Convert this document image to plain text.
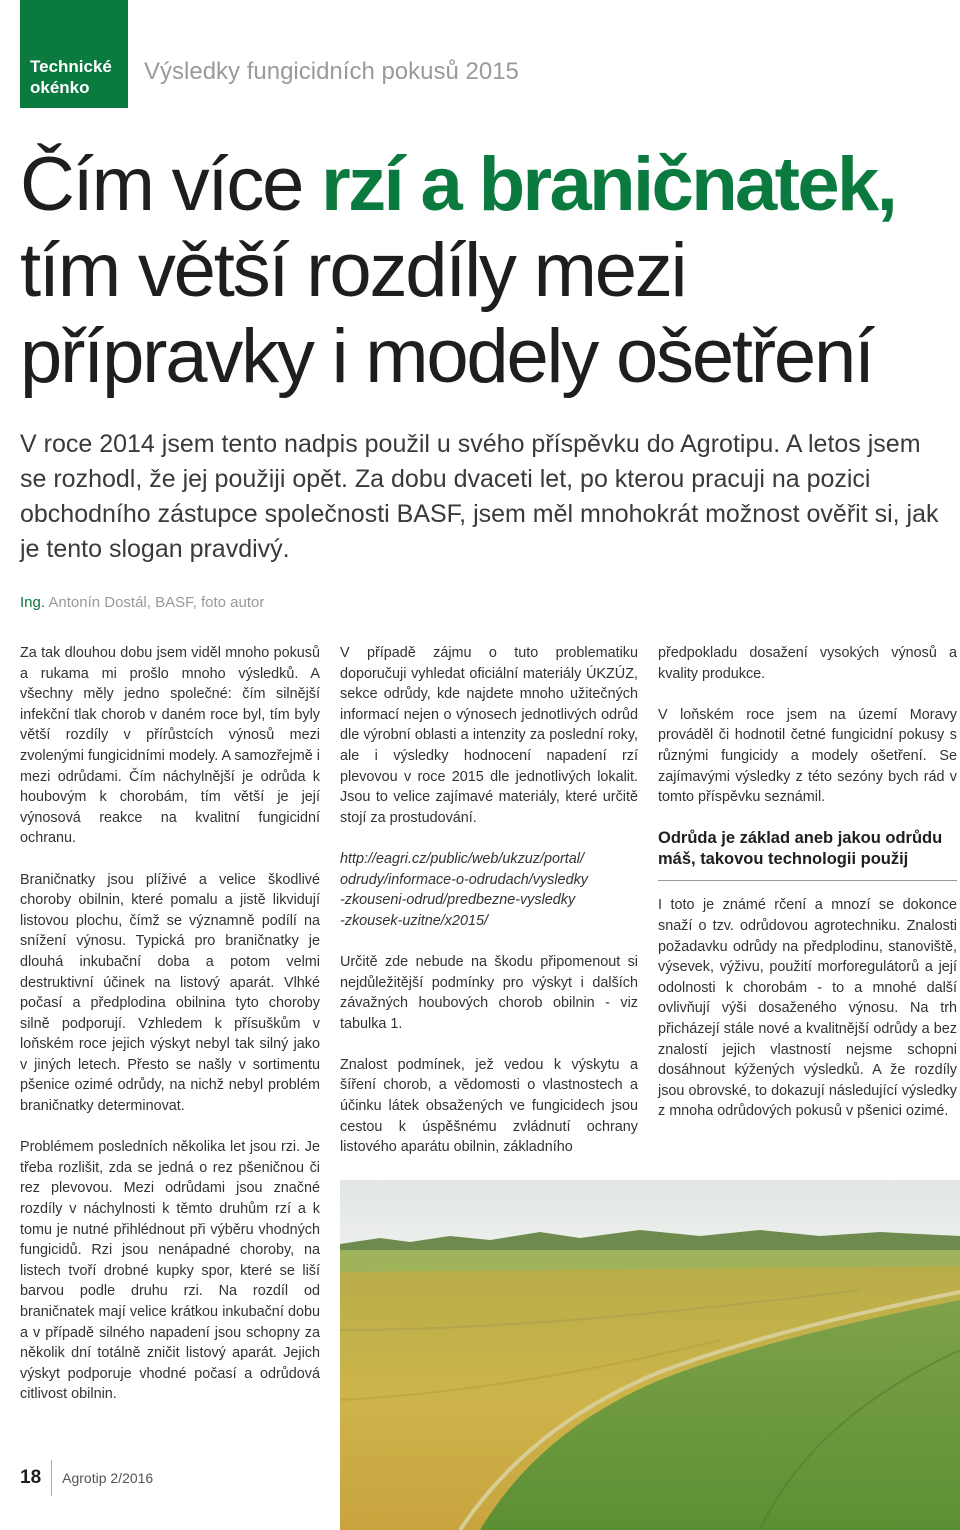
Technické
okénko
Výsledky fungicidních pokusů 2015
Čím více rzí a braničnatek,
tím větší rozdíly mezi
přípravky i modely ošetření
V roce 2014 jsem tento nadpis použil u svého příspěvku do Agrotipu. A letos jsem se rozhodl, že jej použiji opět. Za dobu dvaceti let, po kterou pracuji na pozici obchodního zástupce společnosti BASF, jsem měl mnohokrát možnost ověřit si, jak je tento slogan pravdivý.
Ing. Antonín Dostál, BASF, foto autor

Za tak dlouhou dobu jsem viděl mnoho pokusů a rukama mi prošlo mnoho výsledků. A všechny měly jedno společné: čím silnější infekční tlak chorob v daném roce byl, tím byly větší rozdíly v přírůstcích výnosů mezi zvolenými fungicidními modely. A samozřejmě i mezi odrůdami. Čím náchylnější je odrůda k houbovým k chorobám, tím větší je její výnosová reakce na kvalitní fungicidní ochranu.

Braničnatky jsou plíživé a velice škodlivé choroby obilnin, které pomalu a jistě likvidují listovou plochu, čímž se významně podílí na snížení výnosu. Typická pro braničnatky je dlouhá inkubační doba a potom velmi destruktivní účinek na listový aparát. Vlhké počasí a předplodina obilnina tyto choroby silně podporují. Vzhledem k přísuškům v loňském roce jejich výskyt nebyl tak silný jako v jiných letech. Přesto se našly v sortimentu pšenice ozimé odrůdy, na nichž nebyl problém braničnatky determinovat.

Problémem posledních několika let jsou rzi. Je třeba rozlišit, zda se jedná o rez pšeničnou či rez plevovou. Mezi odrůdami jsou značné rozdíly v náchylnosti k těmto druhům rzí a k tomu je nutné přihlédnout při výběru vhodných fungicidů. Rzi jsou nenápadné choroby, na listech tvoří drobné kupky spor, které se liší barvou podle druhu rzi. Na rozdíl od braničnatek mají velice krátkou inkubační dobu a v případě silného napadení jsou schopny za několik dní totálně zničit listový aparát. Jejich výskyt podporuje vhodné počasí a odrůdová citlivost obilnin.

V případě zájmu o tuto problematiku doporučuji vyhledat oficiální materiály ÚKZÚZ, sekce odrůdy, kde najdete mnoho užitečných informací nejen o výnosech jednotlivých odrůd dle výrobní oblasti a intenzity za poslední roky, ale i výsledky hodnocení napadení rzí plevovou v roce 2015 dle jednotlivých lokalit. Jsou to velice zajímavé materiály, které určitě stojí za prostudování.

http://eagri.cz/public/web/ukzuz/portal/
odrudy/informace-o-odrudach/vysledky
-zkouseni-odrud/predbezne-vysledky
-zkousek-uzitne/x2015/

Určitě zde nebude na škodu připomenout si nejdůležitější podmínky pro výskyt i dalších závažných houbových chorob obilnin - viz tabulka 1.

Znalost podmínek, jež vedou k výskytu a šíření chorob, a vědomosti o vlastnostech a účinku látek obsažených ve fungicidech jsou cestou k úspěšnému zvládnutí ochrany listového aparátu obilnin, základního

předpokladu dosažení vysokých výnosů a kvality produkce.

V loňském roce jsem na území Moravy prováděl či hodnotil četné fungicidní pokusy s různými fungicidy a modely ošetření. Se zajímavými výsledky z této sezóny bych rád v tomto příspěvku seznámil.

Odrůda je základ aneb jakou odrůdu máš, takovou technologii použij

I toto je známé rčení a mnozí se dokonce snaží o tzv. odrůdovou agrotechniku. Znalosti požadavku odrůdy na předplodinu, stanoviště, výsevek, výživu, použití morforegulátorů a její odolnosti k chorobám - to a mnohé další ovlivňují výši dosaženého výnosu. Na trh přicházejí stále nové a kvalitnější odrůdy a bez znalostí jejich vlastností nejsme schopni dosáhnout kýžených výsledků. A že rozdíly jsou obrovské, to dokazují následující výsledky z mnoha odrůdových pokusů v pšenici ozimé.

18	Agrotip 2/2016
